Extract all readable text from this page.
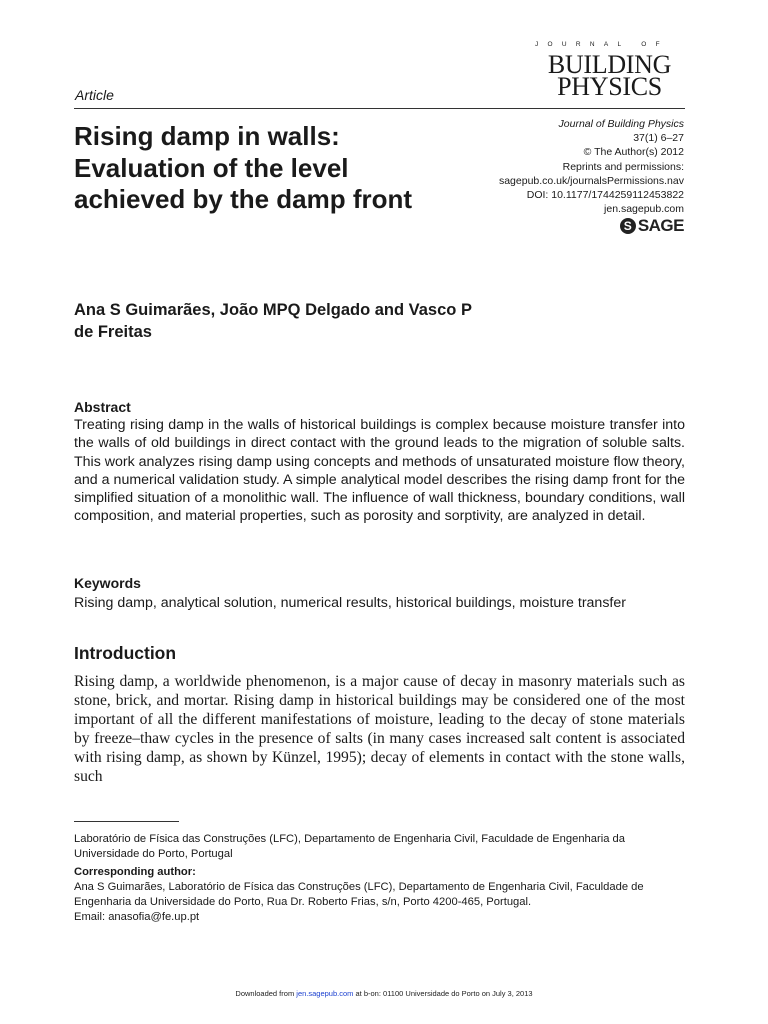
JOURNAL OF
BUILDING
PHYSICS
Article
Rising damp in walls: Evaluation of the level achieved by the damp front
Journal of Building Physics
37(1) 6–27
© The Author(s) 2012
Reprints and permissions:
sagepub.co.uk/journalsPermissions.nav
DOI: 10.1177/1744259112453822
jen.sagepub.com
S SAGE
Ana S Guimarães, João MPQ Delgado and Vasco P de Freitas
Abstract
Treating rising damp in the walls of historical buildings is complex because moisture transfer into the walls of old buildings in direct contact with the ground leads to the migration of soluble salts. This work analyzes rising damp using concepts and methods of unsaturated moisture flow theory, and a numerical validation study. A simple analytical model describes the rising damp front for the simplified situation of a monolithic wall. The influence of wall thickness, boundary conditions, wall composition, and material properties, such as porosity and sorptivity, are analyzed in detail.
Keywords
Rising damp, analytical solution, numerical results, historical buildings, moisture transfer
Introduction
Rising damp, a worldwide phenomenon, is a major cause of decay in masonry materials such as stone, brick, and mortar. Rising damp in historical buildings may be considered one of the most important of all the different manifestations of moisture, leading to the decay of stone materials by freeze–thaw cycles in the presence of salts (in many cases increased salt content is associated with rising damp, as shown by Künzel, 1995); decay of elements in contact with the stone walls, such
Laboratório de Física das Construções (LFC), Departamento de Engenharia Civil, Faculdade de Engenharia da Universidade do Porto, Portugal
Corresponding author:
Ana S Guimarães, Laboratório de Física das Construções (LFC), Departamento de Engenharia Civil, Faculdade de Engenharia da Universidade do Porto, Rua Dr. Roberto Frias, s/n, Porto 4200-465, Portugal.
Email: anasofia@fe.up.pt
Downloaded from jen.sagepub.com at b-on: 01100 Universidade do Porto on July 3, 2013
